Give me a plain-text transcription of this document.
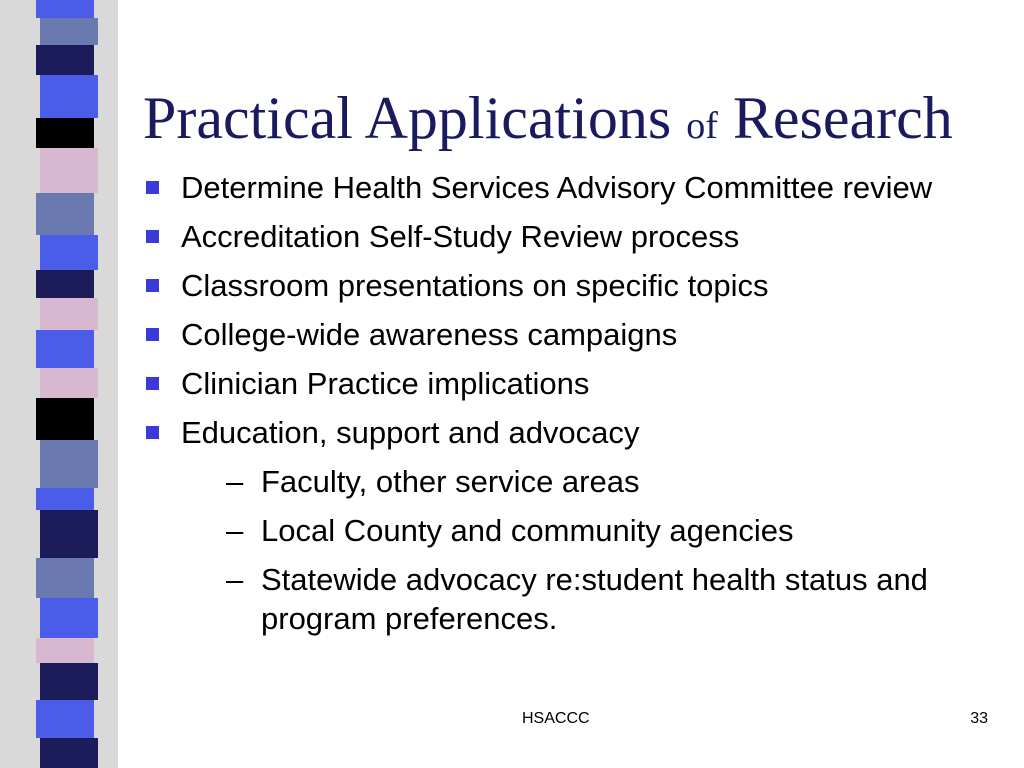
Practical Applications of Research
Determine Health Services Advisory Committee review
Accreditation Self-Study Review process
Classroom presentations on specific topics
College-wide awareness campaigns
Clinician Practice implications
Education, support and advocacy
– Faculty, other service areas
– Local County and community agencies
– Statewide advocacy re:student health status and program preferences.
HSACCC	33
